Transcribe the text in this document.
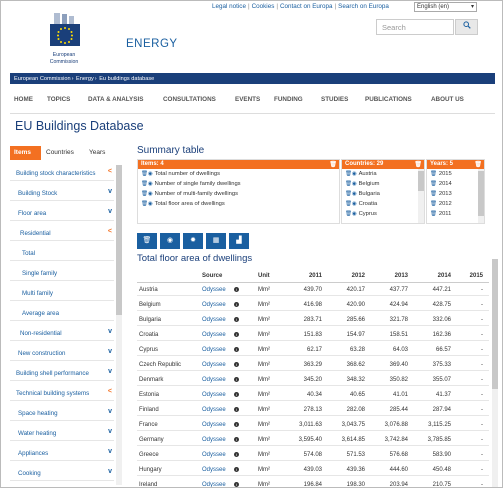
Legal notice | Cookies | Contact on Europa | Search on Europa	English (en)	▾
European
Commission
ENERGY
Search
European Commission› Energy› Eu buildings database
HOME TOPICS	DATA & ANALYSIS	CONSULTATIONS	EVENTS FUNDING	STUDIES	PUBLICATIONS	ABOUT US
EU Buildings Database
Items	Countries	Years
Building stock characteristics <
Building Stock	v
Floor area	v
Residential	<
Total
Single family
Multi family
Average area
Non-residential	v
New construction	v
Building shell performance	v
Technical building systems	<
Space heating	v
Water heating	v
Appliances	v
Cooking	v
Summary table
Items: 4	🗑
🗑◉ Total number of dwellings
🗑◉ Number of single family dwellings
🗑◉ Number of multi-family dwellings
🗑◉ Total floor area of dwellings
Countries: 29	🗑
🗑◉ Austria
🗑◉ Belgium
🗑◉ Bulgaria
🗑◉ Croatia
🗑◉ Cyprus
Years: 5	🗑
🗑 2015
🗑 2014
🗑 2013
🗑 2012
🗑 2011
🗑	◉	✹	▦	▟
Total floor area of dwellings
Source	Unit	2011	2012	2013	2014	2015
Austria	Odyssee	i	Mm²	439.70	420.17	437.77	447.21	-
Belgium	Odyssee	i	Mm²	416.98	420.90	424.94	428.75	-
Bulgaria	Odyssee	i	Mm²	283.71	285.66	321.78	332.06	-
Croatia	Odyssee	i	Mm²	151.83	154.97	158.51	162.36	-
Cyprus	Odyssee	i	Mm²	62.17	63.28	64.03	66.57	-
Czech Republic	Odyssee	i	Mm²	363.29	368.62	369.40	375.33	-
Denmark	Odyssee	i	Mm²	345.20	348.32	350.82	355.07	-
Estonia	Odyssee	i	Mm²	40.34	40.65	41.01	41.37	-
Finland	Odyssee	i	Mm²	278.13	282.08	285.44	287.94	-
France	Odyssee	i	Mm²	3,011.63	3,043.75	3,076.88	3,115.25	-
Germany	Odyssee	i	Mm²	3,595.40	3,614.85	3,742.84	3,785.85	-
Greece	Odyssee	i	Mm²	574.08	571.53	576.68	583.90	-
Hungary	Odyssee	i	Mm²	439.03	439.36	444.60	450.48	-
Ireland	Odyssee	i	Mm²	196.84	198.30	203.94	210.75	-
